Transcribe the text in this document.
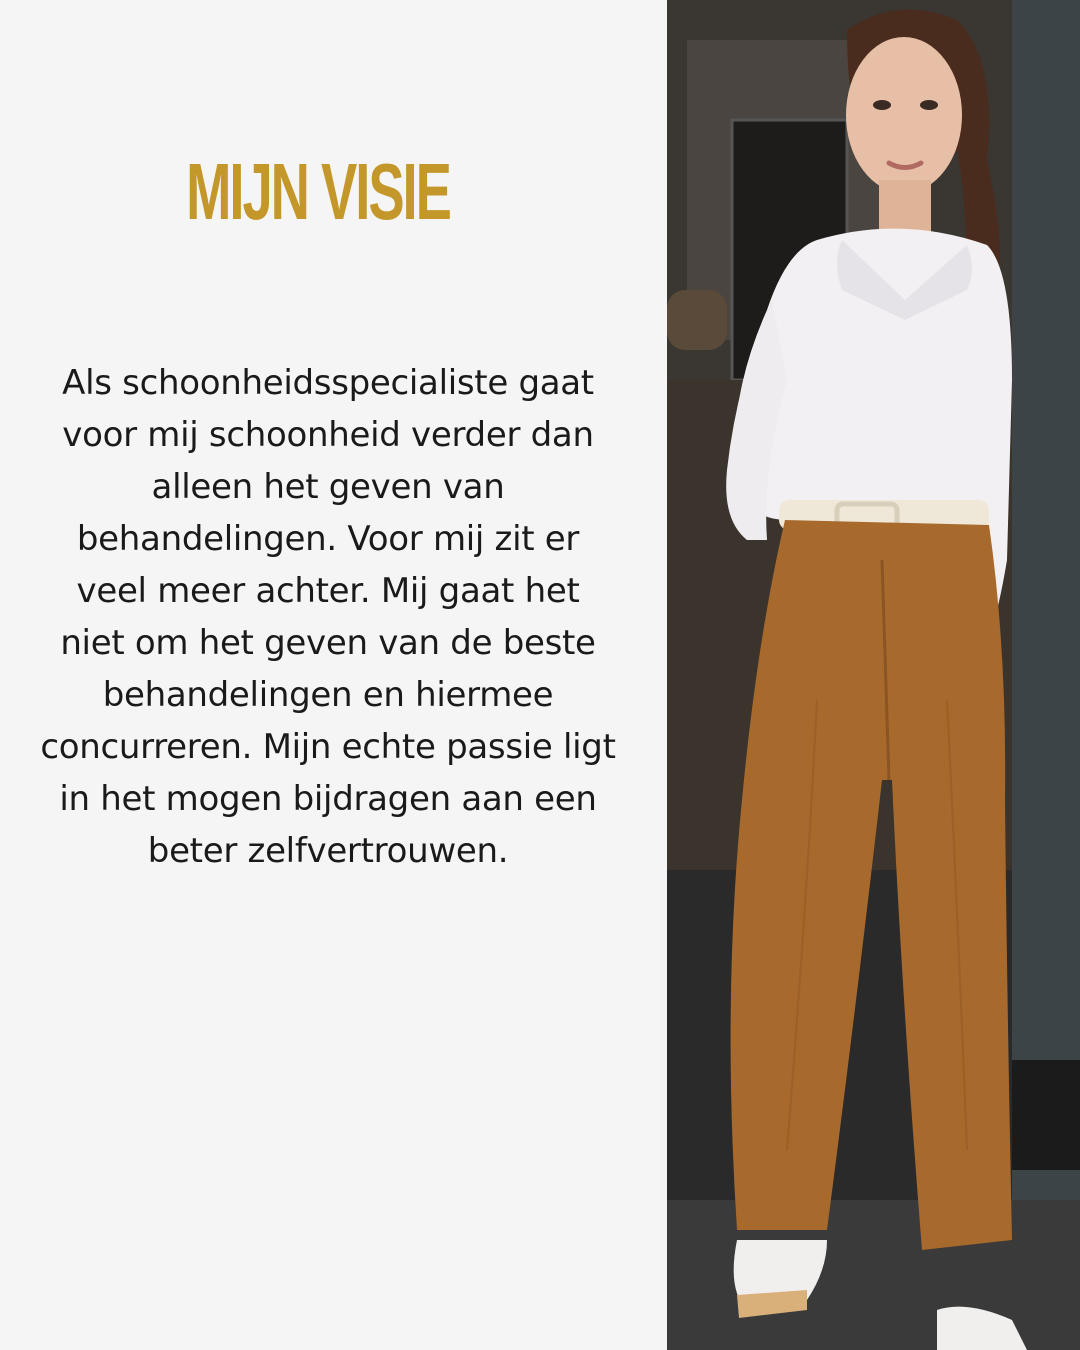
MIJN VISIE
Als schoonheidsspecialiste gaat voor mij schoonheid verder dan alleen het geven van behandelingen. Voor mij zit er veel meer achter. Mij gaat het niet om het geven van de beste behandelingen en hiermee concurreren. Mijn echte passie ligt in het mogen bijdragen aan een beter zelfvertrouwen.
